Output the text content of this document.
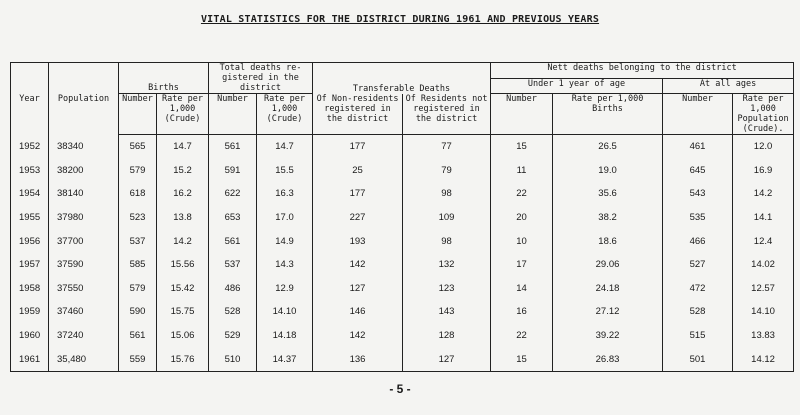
VITAL STATISTICS FOR THE DISTRICT DURING 1961 AND PREVIOUS YEARS
Year	Population	Births		Total deaths re-gistered in the district		Transferable Deaths		Nett deaths belonging to the district			
								Under 1 year of age		At all ages	
		Number	Rate per 1,000 (Crude)	Number	Rate per 1,000 (Crude)	Of Non-residents registered in the district	Of Residents not registered in the district	Number	Rate per 1,000 Births	Number	Rate per 1,000 Population (Crude).
1952	38340	565	14.7	561	14.7	177	77	15	26.5	461	12.0
1953	38200	579	15.2	591	15.5	25	79	11	19.0	645	16.9
1954	38140	618	16.2	622	16.3	177	98	22	35.6	543	14.2
1955	37980	523	13.8	653	17.0	227	109	20	38.2	535	14.1
1956	37700	537	14.2	561	14.9	193	98	10	18.6	466	12.4
1957	37590	585	15.56	537	14.3	142	132	17	29.06	527	14.02
1958	37550	579	15.42	486	12.9	127	123	14	24.18	472	12.57
1959	37460	590	15.75	528	14.10	146	143	16	27.12	528	14.10
1960	37240	561	15.06	529	14.18	142	128	22	39.22	515	13.83
1961	35,480	559	15.76	510	14.37	136	127	15	26.83	501	14.12
- 5 -
